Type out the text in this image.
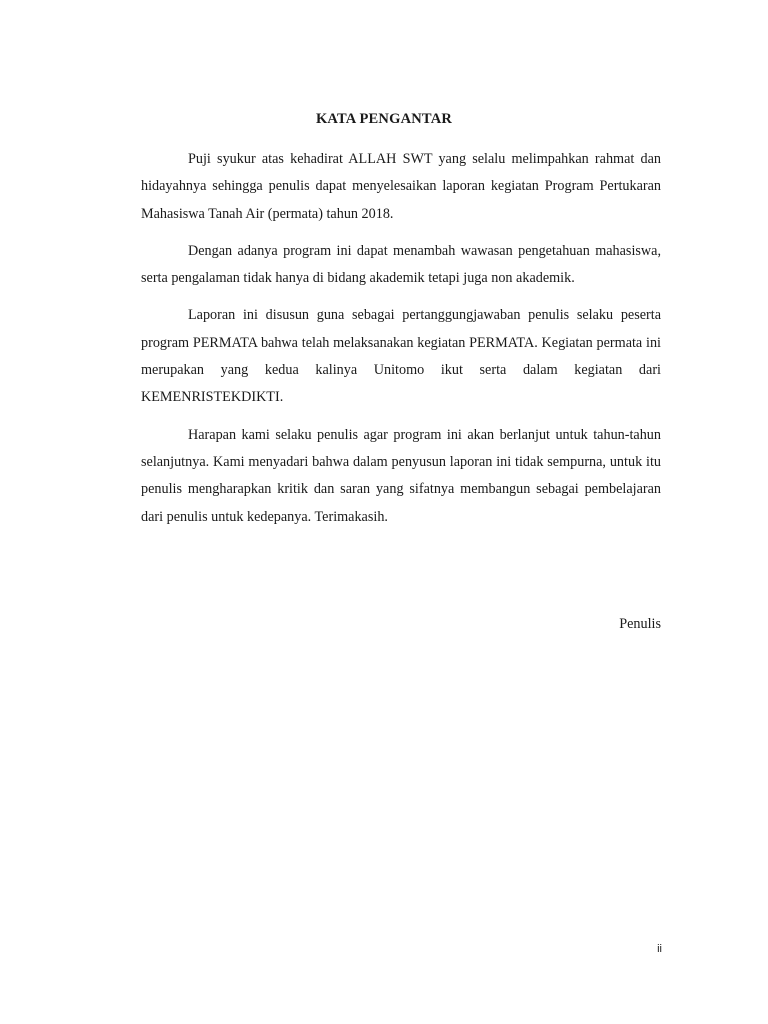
KATA PENGANTAR

Puji syukur atas kehadirat ALLAH SWT yang selalu melimpahkan rahmat dan hidayahnya sehingga penulis dapat menyelesaikan laporan kegiatan Program Pertukaran Mahasiswa Tanah Air (permata) tahun 2018.

Dengan adanya program ini dapat menambah wawasan pengetahuan mahasiswa, serta pengalaman tidak hanya di bidang akademik tetapi juga non akademik.

Laporan ini disusun guna sebagai pertanggungjawaban penulis selaku peserta program PERMATA bahwa telah melaksanakan kegiatan PERMATA. Kegiatan permata ini merupakan yang kedua kalinya Unitomo ikut serta dalam kegiatan dari KEMENRISTEKDIKTI.

Harapan kami selaku penulis agar program ini akan berlanjut untuk tahun-tahun selanjutnya. Kami menyadari bahwa dalam penyusun laporan ini tidak sempurna, untuk itu penulis mengharapkan kritik dan saran yang sifatnya membangun sebagai pembelajaran dari penulis untuk kedepanya. Terimakasih.

Penulis

ii
